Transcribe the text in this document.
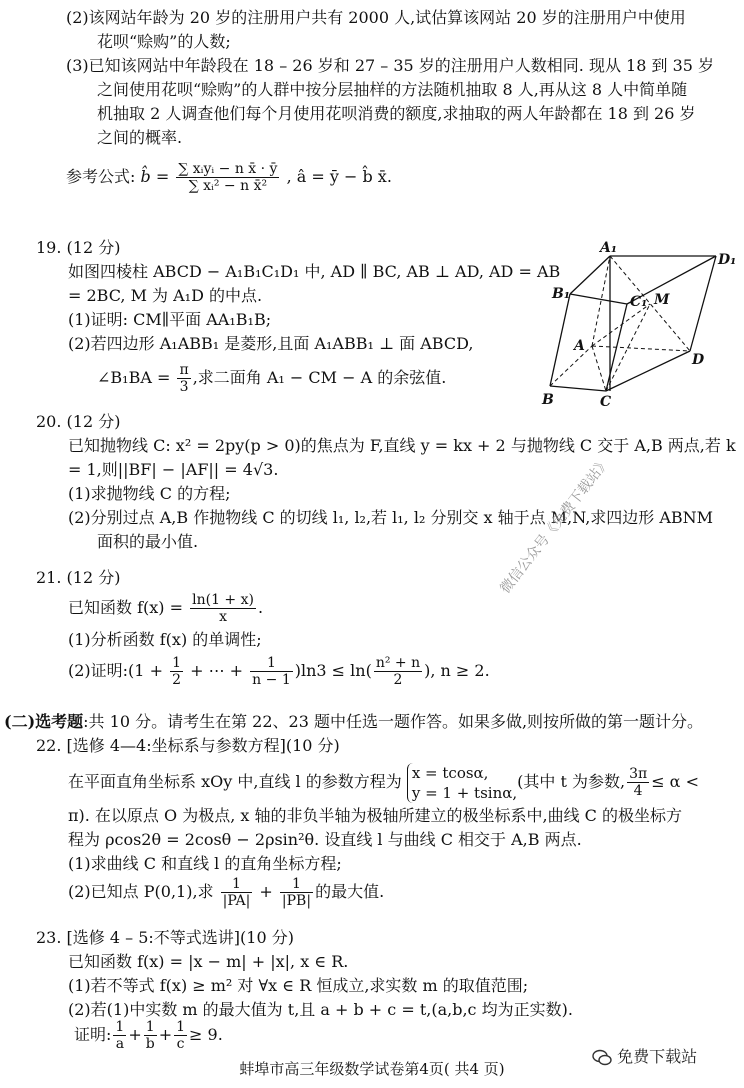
(2)该网站年龄为 20 岁的注册用户共有 2000 人,试估算该网站 20 岁的注册用户中使用
花呗“赊购”的人数;
(3)已知该网站中年龄段在 18 – 26 岁和 27 – 35 岁的注册用户人数相同. 现从 18 到 35 岁
之间使用花呗“赊购”的人群中按分层抽样的方法随机抽取 8 人,再从这 8 人中简单随
机抽取 2 人调查他们每个月使用花呗消费的额度,求抽取的两人年龄都在 18 到 26 岁
之间的概率.
参考公式: b̂ = $\frac{\text{∑ xᵢyᵢ − n x̄ · ȳ}}{\text{∑ xᵢ² − n x̄²}}$ , â = ȳ − b̂ x̄.
19. (12 分)
如图四棱柱 ABCD − A₁B₁C₁D₁ 中, AD ∥ BC, AB ⊥ AD, AD = AB
= 2BC, M 为 A₁D 的中点.
(1)证明: CM∥平面 AA₁B₁B;
(2)若四边形 A₁ABB₁ 是菱形,且面 A₁ABB₁ ⊥ 面 ABCD,
∠B₁BA = $\frac{\pi}{3}$ ,求二面角 A₁ − CM − A 的余弦值.
A₁
D₁
B₁	C₁ M
A
D
B	C
20. (12 分)
已知抛物线 C: x² = 2py(p > 0)的焦点为 F,直线 y = kx + 2 与抛物线 C 交于 A,B 两点,若 k
= 1,则||BF| − |AF|| = 4√3.
(1)求抛物线 C 的方程;
(2)分别过点 A,B 作抛物线 C 的切线 l₁, l₂,若 l₁, l₂ 分别交 x 轴于点 M,N,求四边形 ABNM
面积的最小值.
21. (12 分)
已知函数 $f(x) = \frac{\ln(1 + x)}{x}$ .
(1)分析函数 f(x) 的单调性;
(2)证明:(1 + $\frac{1}{2}$ + ⋯ + $\frac{1}{n - 1} )\ln 3 \le \ln( \frac{\text{n² + n}}{2}$ ), n ≥ 2.
微信公众号《免费下载站》
(二)选考题:共 10 分。请考生在第 22、23 题中任选一题作答。如果多做,则按所做的第一题计分。
22. [选修 4—4:坐标系与参数方程](10 分)
在平面直角坐标系 xOy 中,直线 l 的参数方程为 x = tcosα,
y = 1 + tsinα,
(其中 t 为参数, $\frac{3\pi}{4} \le \alpha$ <
π). 在以原点 O 为极点, x 轴的非负半轴为极轴所建立的极坐标系中,曲线 C 的极坐标方
程为 ρcos2θ = 2cosθ − 2ρsin²θ. 设直线 l 与曲线 C 相交于 A,B 两点.
(1)求曲线 C 和直线 l 的直角坐标方程;
(2)已知点 P(0,1),求 $\frac{1}{|PA|} + \frac{1}{|PB|}$ 的最大值.
23. [选修 4 – 5:不等式选讲](10 分)
已知函数 f(x) = |x − m| + |x|, x ∈ R.
(1)若不等式 f(x) ≥ m² 对 ∀x ∈ R 恒成立,求实数 m 的取值范围;
(2)若(1)中实数 m 的最大值为 t,且 a + b + c = t,(a,b,c 均为正实数).
证明: $\frac{1}{a} + \frac{1}{b} + \frac{1}{c} \ge 9$.
免费下载站
蚌埠市高三年级数学试卷第4页( 共4 页)
